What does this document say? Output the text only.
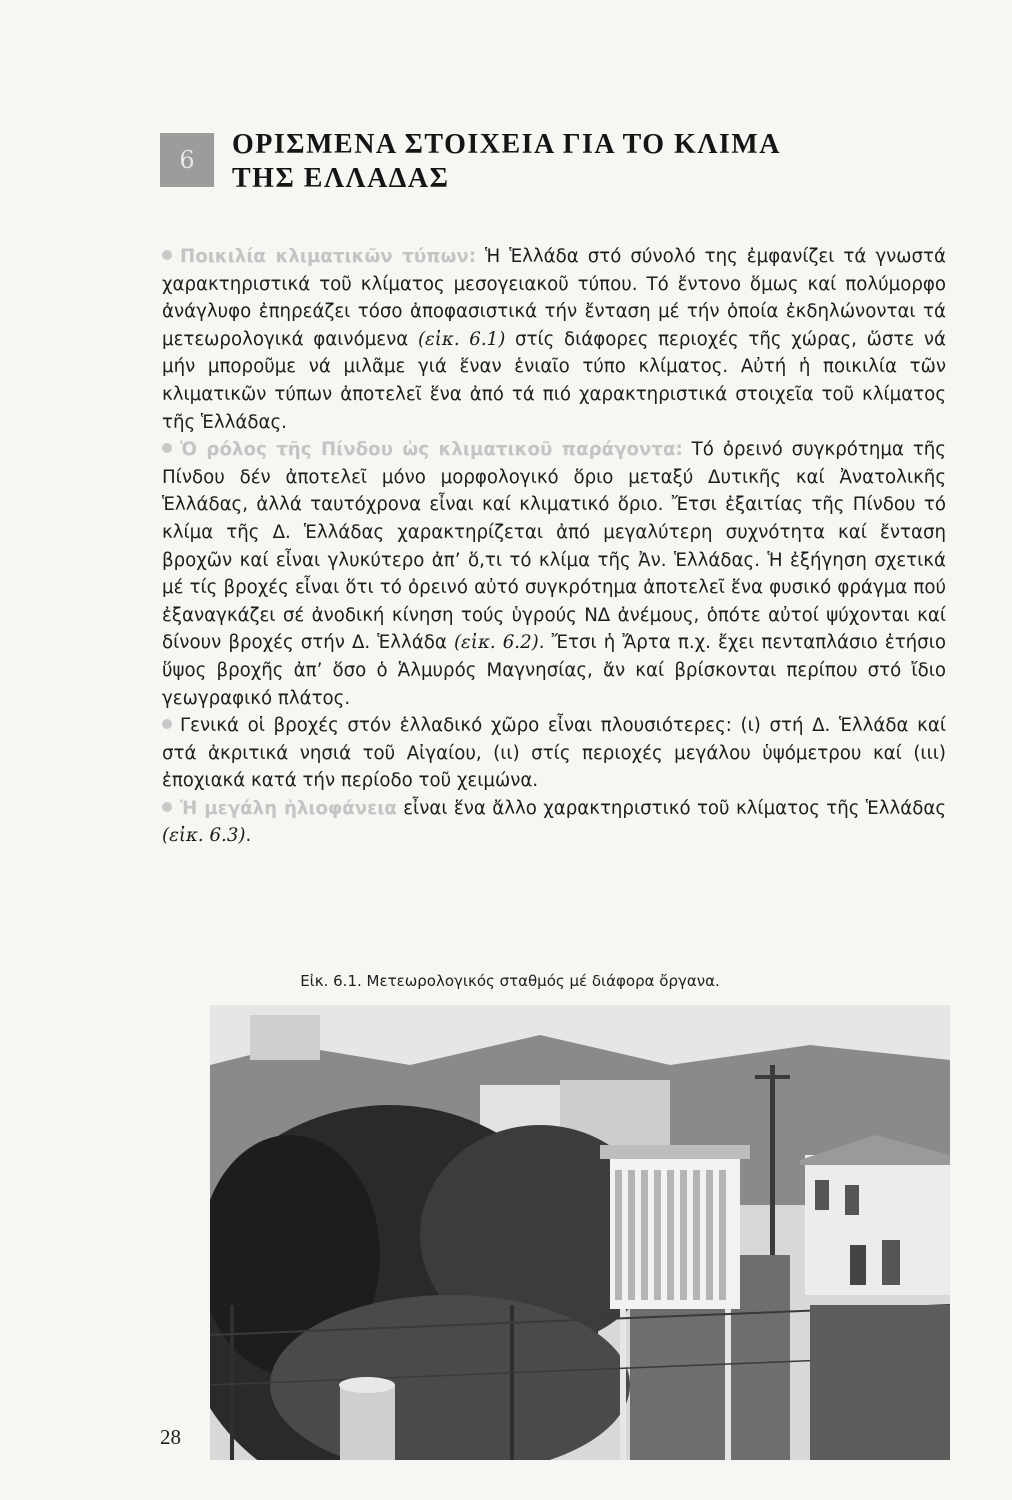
6 ΟΡΙΣΜΕΝΑ ΣΤΟΙΧΕΙΑ ΓΙΑ ΤΟ ΚΛΙΜΑ
ΤΗΣ ΕΛΛΑΔΑΣ

Ποικιλία κλιματικῶν τύπων: Ἡ Ἑλλάδα στό σύνολό της ἐμφανίζει τά γνωστά χαρακτηριστικά τοῦ κλίματος μεσογειακοῦ τύπου. Τό ἔντονο ὅμως καί πολύμορφο ἀνάγλυφο ἐπηρεάζει τόσο ἀποφασιστικά τήν ἔνταση μέ τήν ὁποία ἐκδηλώνονται τά μετεωρολογικά φαινόμενα (εἰκ. 6.1) στίς διάφορες περιοχές τῆς χώρας, ὥστε νά μήν μποροῦμε νά μιλᾶμε γιά ἕναν ἑνιαῖο τύπο κλίματος. Αὐτή ἡ ποικιλία τῶν κλιματικῶν τύπων ἀποτελεῖ ἕνα ἀπό τά πιό χαρακτηριστικά στοιχεῖα τοῦ κλίματος τῆς Ἑλλάδας.

Ὁ ρόλος τῆς Πίνδου ὡς κλιματικοῦ παράγοντα: Τό ὀρεινό συγκρότημα τῆς Πίνδου δέν ἀποτελεῖ μόνο μορφολογικό ὅριο μεταξύ Δυτικῆς καί Ἀνατολικῆς Ἑλλάδας, ἀλλά ταυτόχρονα εἶναι καί κλιματικό ὅριο. Ἔτσι ἐξαιτίας τῆς Πίνδου τό κλίμα τῆς Δ. Ἑλλάδας χαρακτηρίζεται ἀπό μεγαλύτερη συχνότητα καί ἔνταση βροχῶν καί εἶναι γλυκύτερο ἀπ’ ὅ,τι τό κλίμα τῆς Ἀν. Ἑλλάδας. Ἡ ἐξήγηση σχετικά μέ τίς βροχές εἶναι ὅτι τό ὀρεινό αὐτό συγκρότημα ἀποτελεῖ ἕνα φυσικό φράγμα πού ἐξαναγκάζει σέ ἀνοδική κίνηση τούς ὑγρούς ΝΔ ἀνέμους, ὁπότε αὐτοί ψύχονται καί δίνουν βροχές στήν Δ. Ἑλλάδα (εἰκ. 6.2). Ἔτσι ἡ Ἄρτα π.χ. ἔχει πενταπλάσιο ἐτήσιο ὕψος βροχῆς ἀπ’ ὅσο ὁ Ἁλμυρός Μαγνησίας, ἄν καί βρίσκονται περίπου στό ἴδιο γεωγραφικό πλάτος.

Γενικά οἱ βροχές στόν ἑλλαδικό χῶρο εἶναι πλουσιότερες: (ι) στή Δ. Ἑλλάδα καί στά ἀκριτικά νησιά τοῦ Αἰγαίου, (ιι) στίς περιοχές μεγάλου ὑψόμετρου καί (ιιι) ἐποχιακά κατά τήν περίοδο τοῦ χειμώνα.

Ἡ μεγάλη ἡλιοφάνεια εἶναι ἕνα ἄλλο χαρακτηριστικό τοῦ κλίματος τῆς Ἑλλάδας (εἰκ. 6.3).

Εἰκ. 6.1. Μετεωρολογικός σταθμός μέ διάφορα ὄργανα.
28
